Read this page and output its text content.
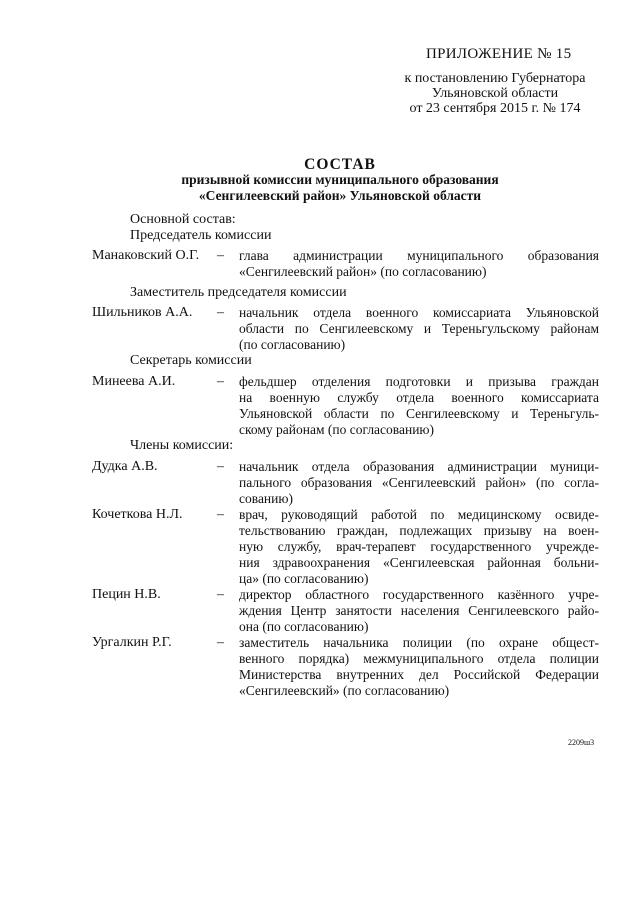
ПРИЛОЖЕНИЕ № 15
к постановлению Губернатора
Ульяновской области
от 23 сентября 2015 г. № 174
СОСТАВ
призывной комиссии муниципального образования
«Сенгилеевский район» Ульяновской области
Основной состав:
Председатель комиссии
Манаковский О.Г. – глава администрации муниципального образования
«Сенгилеевский район» (по согласованию)
Заместитель председателя комиссии
Шильников А.А. – начальник отдела военного комиссариата Ульяновской
области по Сенгилеевскому и Тереньгульскому районам
(по согласованию)
Секретарь комиссии
Минеева А.И.	– фельдшер отделения подготовки и призыва граждан
на военную службу отдела военного комиссариата
Ульяновской области по Сенгилеевскому и Тереньгуль-
скому районам (по согласованию)
Члены комиссии:
Дудка А.В.	– начальник отдела образования администрации муници-
пального образования «Сенгилеевский район» (по согла-
сованию)
Кочеткова Н.Л. – врач, руководящий работой по медицинскому освиде-
тельствованию граждан, подлежащих призыву на воен-
ную службу, врач-терапевт государственного учрежде-
ния здравоохранения «Сенгилеевская районная больни-
ца» (по согласованию)
Пецин Н.В.	– директор областного государственного казённого учре-
ждения Центр занятости населения Сенгилеевского райо-
она (по согласованию)
Ургалкин Р.Г.	– заместитель начальника полиции (по охране общест-
венного порядка) межмуниципального отдела полиции
Министерства внутренних дел Российской Федерации
«Сенгилеевский» (по согласованию)
2209ш3
